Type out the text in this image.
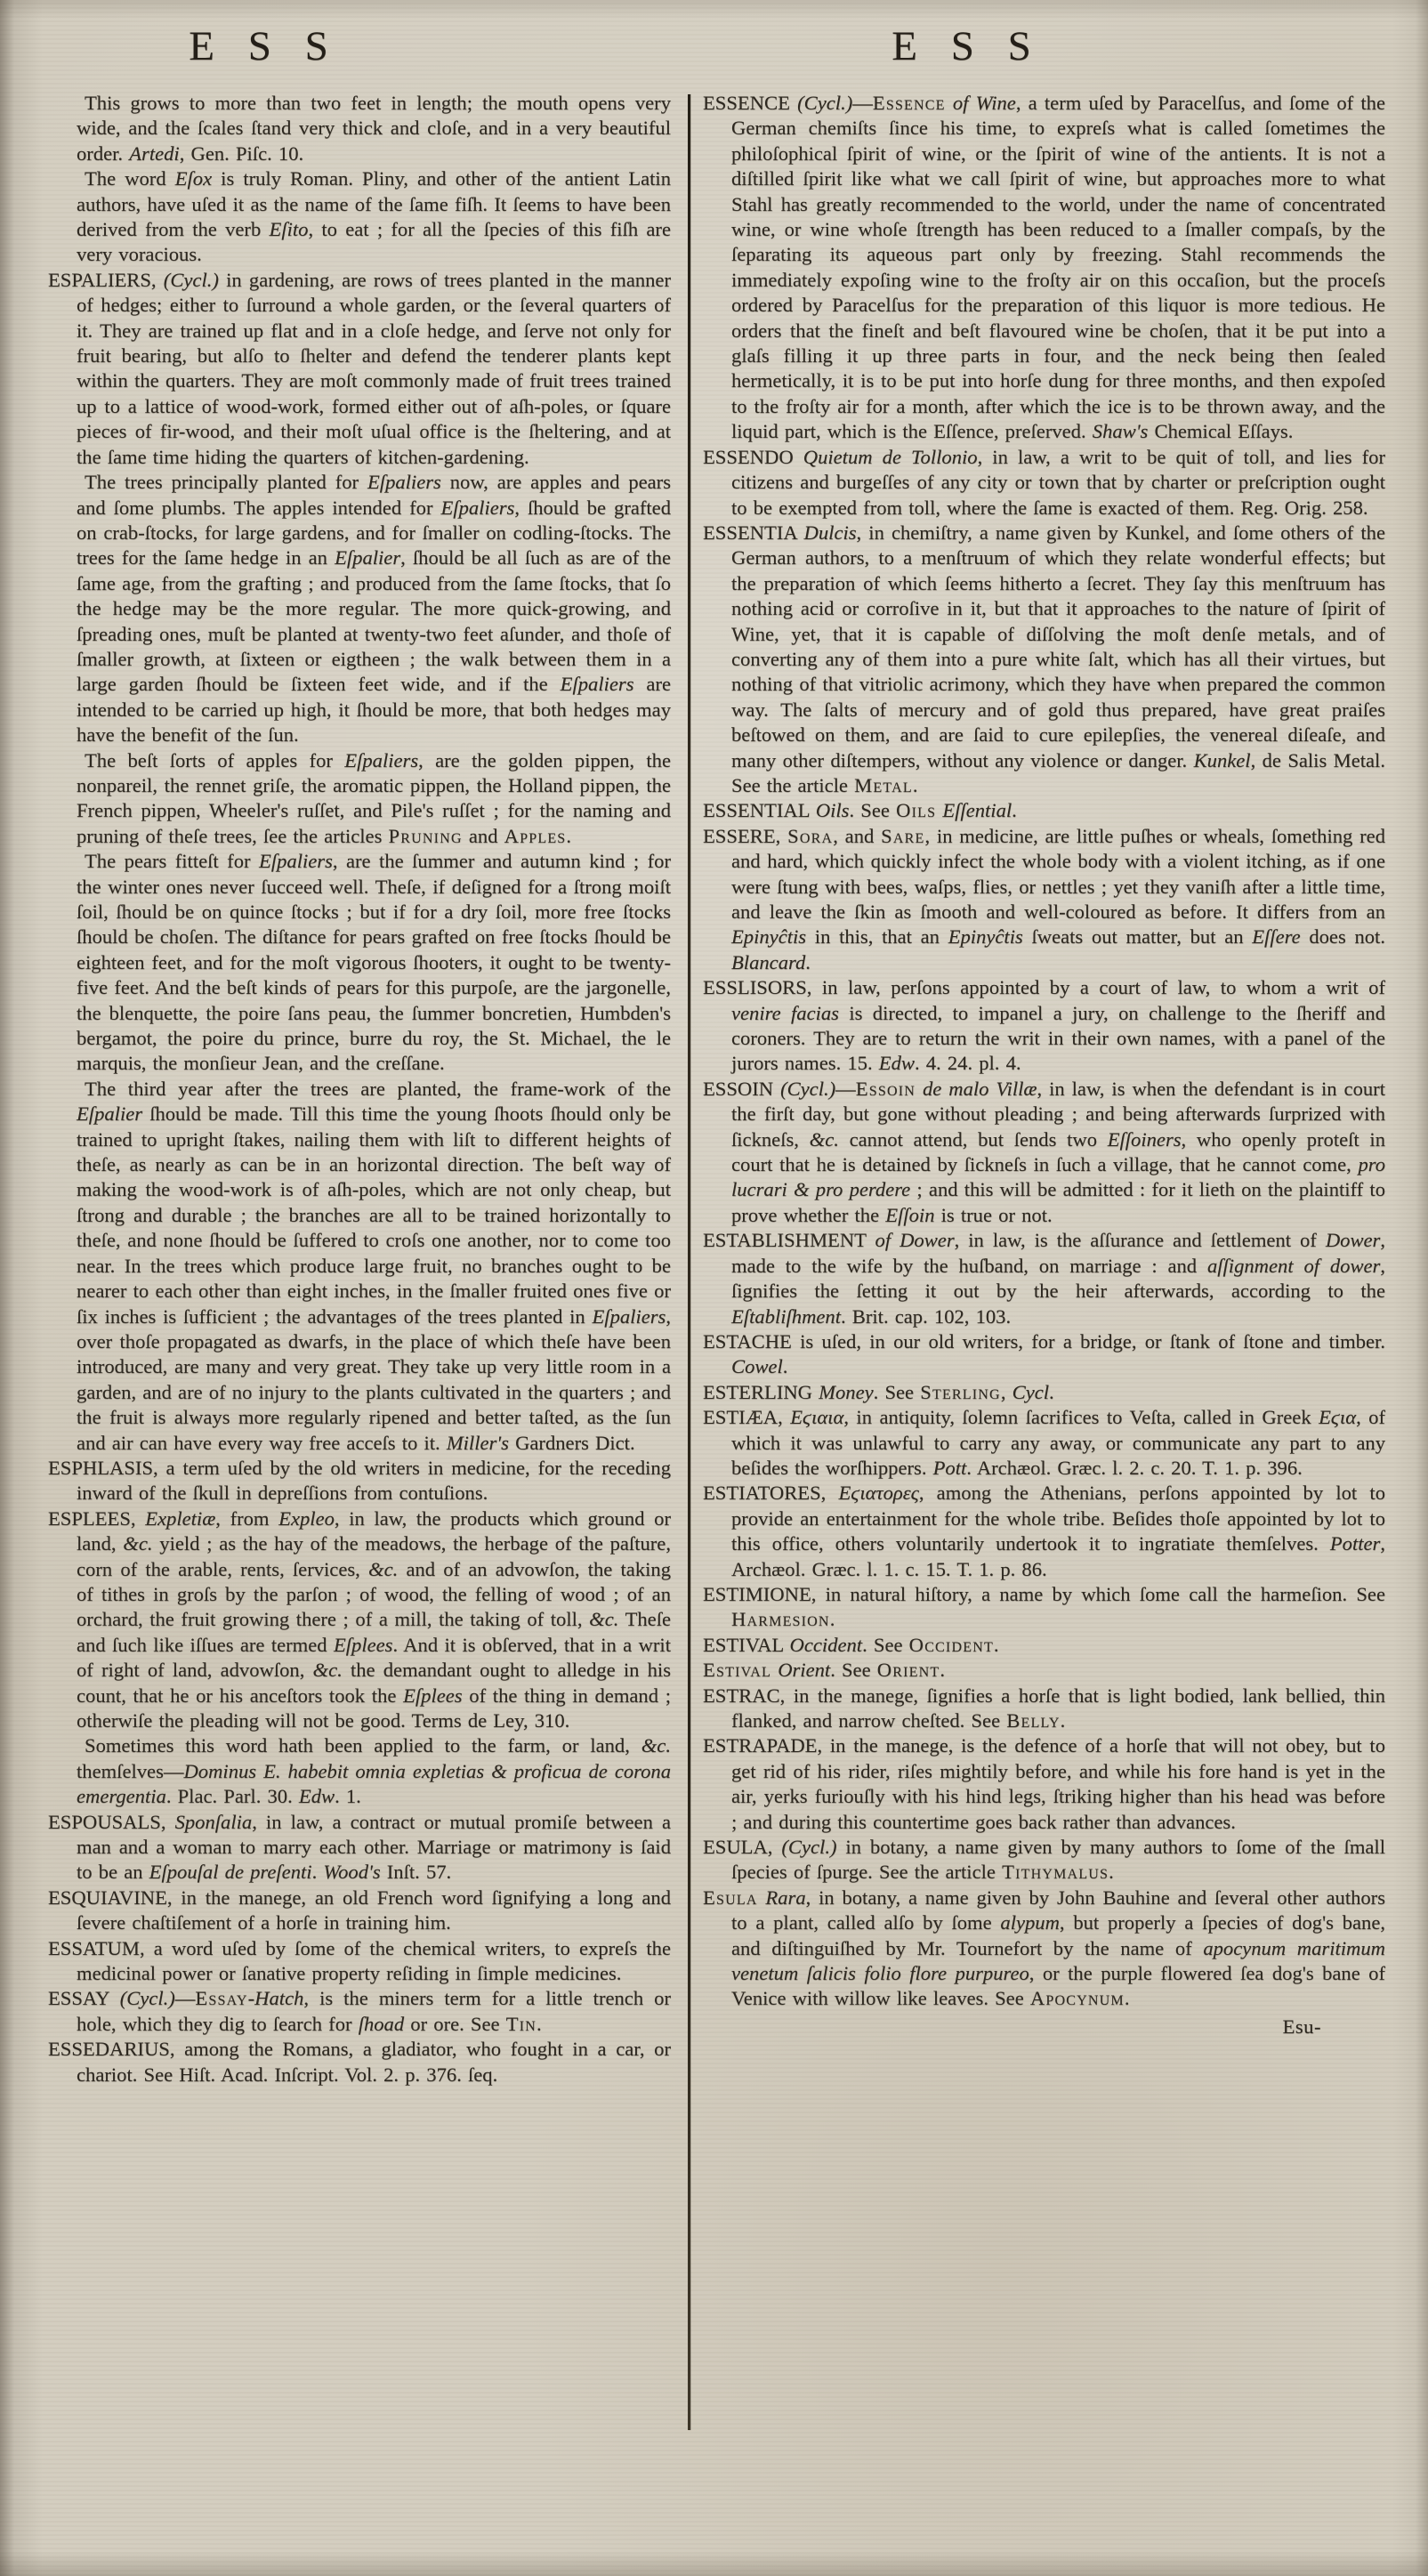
E S S	E S S

This grows to more than two feet in length; the mouth opens very wide, and the ſcales ſtand very thick and cloſe, and in a very beautiful order. Artedi, Gen. Piſc. 10.

The word Eſox is truly Roman. Pliny, and other of the antient Latin authors, have uſed it as the name of the ſame fiſh. It ſeems to have been derived from the verb Eſito, to eat ; for all the ſpecies of this fiſh are very voracious.

ESPALIERS, (Cycl.) in gardening, are rows of trees planted in the manner of hedges; either to ſurround a whole garden, or the ſeveral quarters of it. They are trained up flat and in a cloſe hedge, and ſerve not only for fruit bearing, but alſo to ſhelter and defend the tenderer plants kept within the quarters. They are moſt commonly made of fruit trees trained up to a lattice of wood-work, formed either out of aſh-poles, or ſquare pieces of fir-wood, and their moſt uſual office is the ſheltering, and at the ſame time hiding the quarters of kitchen-gardening.

The trees principally planted for Eſpaliers now, are apples and pears and ſome plumbs. The apples intended for Eſpaliers, ſhould be grafted on crab-ſtocks, for large gardens, and for ſmaller on codling-ſtocks. The trees for the ſame hedge in an Eſpalier, ſhould be all ſuch as are of the ſame age, from the grafting ; and produced from the ſame ſtocks, that ſo the hedge may be the more regular. The more quick-growing, and ſpreading ones, muſt be planted at twenty-two feet aſunder, and thoſe of ſmaller growth, at ſixteen or eigtheen ; the walk between them in a large garden ſhould be ſixteen feet wide, and if the Eſpaliers are intended to be carried up high, it ſhould be more, that both hedges may have the benefit of the ſun.

The beſt ſorts of apples for Eſpaliers, are the golden pippen, the nonpareil, the rennet griſe, the aromatic pippen, the Holland pippen, the French pippen, Wheeler's ruſſet, and Pile's ruſſet ; for the naming and pruning of theſe trees, ſee the articles Pruning and Apples.

The pears fitteſt for Eſpaliers, are the ſummer and autumn kind ; for the winter ones never ſucceed well. Theſe, if deſigned for a ſtrong moiſt ſoil, ſhould be on quince ſtocks ; but if for a dry ſoil, more free ſtocks ſhould be choſen. The diſtance for pears grafted on free ſtocks ſhould be eighteen feet, and for the moſt vigorous ſhooters, it ought to be twenty-five feet. And the beſt kinds of pears for this purpoſe, are the jargonelle, the blenquette, the poire ſans peau, the ſummer boncretien, Humbden's bergamot, the poire du prince, burre du roy, the St. Michael, the le marquis, the monſieur Jean, and the creſſane.

The third year after the trees are planted, the frame-work of the Eſpalier ſhould be made. Till this time the young ſhoots ſhould only be trained to upright ſtakes, nailing them with liſt to different heights of theſe, as nearly as can be in an horizontal direction. The beſt way of making the wood-work is of aſh-poles, which are not only cheap, but ſtrong and durable ; the branches are all to be trained horizontally to theſe, and none ſhould be ſuffered to croſs one another, nor to come too near. In the trees which produce large fruit, no branches ought to be nearer to each other than eight inches, in the ſmaller fruited ones five or ſix inches is ſufficient ; the advantages of the trees planted in Eſpaliers, over thoſe propagated as dwarfs, in the place of which theſe have been introduced, are many and very great. They take up very little room in a garden, and are of no injury to the plants cultivated in the quarters ; and the fruit is always more regularly ripened and better taſted, as the ſun and air can have every way free acceſs to it. Miller's Gardners Dict.

ESPHLASIS, a term uſed by the old writers in medicine, for the receding inward of the ſkull in depreſſions from contuſions.

ESPLEES, Expletiæ, from Expleo, in law, the products which ground or land, &c. yield ; as the hay of the meadows, the herbage of the paſture, corn of the arable, rents, ſervices, &c. and of an advowſon, the taking of tithes in groſs by the parſon ; of wood, the felling of wood ; of an orchard, the fruit growing there ; of a mill, the taking of toll, &c. Theſe and ſuch like iſſues are termed Eſplees. And it is obſerved, that in a writ of right of land, advowſon, &c. the demandant ought to alledge in his count, that he or his anceſtors took the Eſplees of the thing in demand ; otherwiſe the pleading will not be good. Terms de Ley, 310.

Sometimes this word hath been applied to the farm, or land, &c. themſelves—Dominus E. habebit omnia expletias & proficua de corona emergentia. Plac. Parl. 30. Edw. 1.

ESPOUSALS, Sponſalia, in law, a contract or mutual promiſe between a man and a woman to marry each other. Marriage or matrimony is ſaid to be an Eſpouſal de preſenti. Wood's Inſt. 57.

ESQUIAVINE, in the manege, an old French word ſignifying a long and ſevere chaſtiſement of a horſe in training him.

ESSATUM, a word uſed by ſome of the chemical writers, to expreſs the medicinal power or ſanative property reſiding in ſimple medicines.

ESSAY (Cycl.)—Essay-Hatch, is the miners term for a little trench or hole, which they dig to ſearch for ſhoad or ore. See Tin.

ESSEDARIUS, among the Romans, a gladiator, who fought in a car, or chariot. See Hiſt. Acad. Inſcript. Vol. 2. p. 376. ſeq.

ESSENCE (Cycl.)—Essence of Wine, a term uſed by Paracelſus, and ſome of the German chemiſts ſince his time, to expreſs what is called ſometimes the philoſophical ſpirit of wine, or the ſpirit of wine of the antients. It is not a diſtilled ſpirit like what we call ſpirit of wine, but approaches more to what Stahl has greatly recommended to the world, under the name of concentrated wine, or wine whoſe ſtrength has been reduced to a ſmaller compaſs, by the ſeparating its aqueous part only by freezing. Stahl recommends the immediately expoſing wine to the froſty air on this occaſion, but the proceſs ordered by Paracelſus for the preparation of this liquor is more tedious. He orders that the fineſt and beſt flavoured wine be choſen, that it be put into a glaſs filling it up three parts in four, and the neck being then ſealed hermetically, it is to be put into horſe dung for three months, and then expoſed to the froſty air for a month, after which the ice is to be thrown away, and the liquid part, which is the Eſſence, preſerved. Shaw's Chemical Eſſays.

ESSENDO Quietum de Tollonio, in law, a writ to be quit of toll, and lies for citizens and burgeſſes of any city or town that by charter or preſcription ought to be exempted from toll, where the ſame is exacted of them. Reg. Orig. 258.

ESSENTIA Dulcis, in chemiſtry, a name given by Kunkel, and ſome others of the German authors, to a menſtruum of which they relate wonderful effects; but the preparation of which ſeems hitherto a ſecret. They ſay this menſtruum has nothing acid or corroſive in it, but that it approaches to the nature of ſpirit of Wine, yet, that it is capable of diſſolving the moſt denſe metals, and of converting any of them into a pure white ſalt, which has all their virtues, but nothing of that vitriolic acrimony, which they have when prepared the common way. The ſalts of mercury and of gold thus prepared, have great praiſes beſtowed on them, and are ſaid to cure epilepſies, the venereal diſeaſe, and many other diſtempers, without any violence or danger. Kunkel, de Salis Metal. See the article Metal.

ESSENTIAL Oils. See Oils Eſſential.

ESSERE, Sora, and Sare, in medicine, are little puſhes or wheals, ſomething red and hard, which quickly infect the whole body with a violent itching, as if one were ſtung with bees, waſps, flies, or nettles ; yet they vaniſh after a little time, and leave the ſkin as ſmooth and well-coloured as before. It differs from an Epinyĉtis in this, that an Epinyĉtis ſweats out matter, but an Eſſere does not. Blancard.

ESSLISORS, in law, perſons appointed by a court of law, to whom a writ of venire facias is directed, to impanel a jury, on challenge to the ſheriff and coroners. They are to return the writ in their own names, with a panel of the jurors names. 15. Edw. 4. 24. pl. 4.

ESSOIN (Cycl.)—Essoin de malo Villæ, in law, is when the defendant is in court the firſt day, but gone without pleading ; and being afterwards ſurprized with ſickneſs, &c. cannot attend, but ſends two Eſſoiners, who openly proteſt in court that he is detained by ſickneſs in ſuch a village, that he cannot come, pro lucrari & pro perdere ; and this will be admitted : for it lieth on the plaintiff to prove whether the Eſſoin is true or not.

ESTABLISHMENT of Dower, in law, is the aſſurance and ſettlement of Dower, made to the wife by the huſband, on marriage : and aſſignment of dower, ſignifies the ſetting it out by the heir afterwards, according to the Eſtabliſhment. Brit. cap. 102, 103.

ESTACHE is uſed, in our old writers, for a bridge, or ſtank of ſtone and timber. Cowel.

ESTERLING Money. See Sterling, Cycl.

ESTIÆA, Εϛιαια, in antiquity, ſolemn ſacrifices to Veſta, called in Greek Εϛια, of which it was unlawful to carry any away, or communicate any part to any beſides the worſhippers. Pott. Archæol. Græc. l. 2. c. 20. T. 1. p. 396.

ESTIATORES, Εϛιατορες, among the Athenians, perſons appointed by lot to provide an entertainment for the whole tribe. Beſides thoſe appointed by lot to this office, others voluntarily undertook it to ingratiate themſelves. Potter, Archæol. Græc. l. 1. c. 15. T. 1. p. 86.

ESTIMIONE, in natural hiſtory, a name by which ſome call the harmeſion. See Harmesion.

ESTIVAL Occident. See Occident.

Estival Orient. See Orient.

ESTRAC, in the manege, ſignifies a horſe that is light bodied, lank bellied, thin flanked, and narrow cheſted. See Belly.

ESTRAPADE, in the manege, is the defence of a horſe that will not obey, but to get rid of his rider, riſes mightily before, and while his fore hand is yet in the air, yerks furiouſly with his hind legs, ſtriking higher than his head was before ; and during this countertime goes back rather than advances.

ESULA, (Cycl.) in botany, a name given by many authors to ſome of the ſmall ſpecies of ſpurge. See the article Tithymalus.

Esula Rara, in botany, a name given by John Bauhine and ſeveral other authors to a plant, called alſo by ſome alypum, but properly a ſpecies of dog's bane, and diſtinguiſhed by Mr. Tournefort by the name of apocynum maritimum venetum ſalicis folio flore purpureo, or the purple flowered ſea dog's bane of Venice with willow like leaves. See Apocynum.

Esu-
